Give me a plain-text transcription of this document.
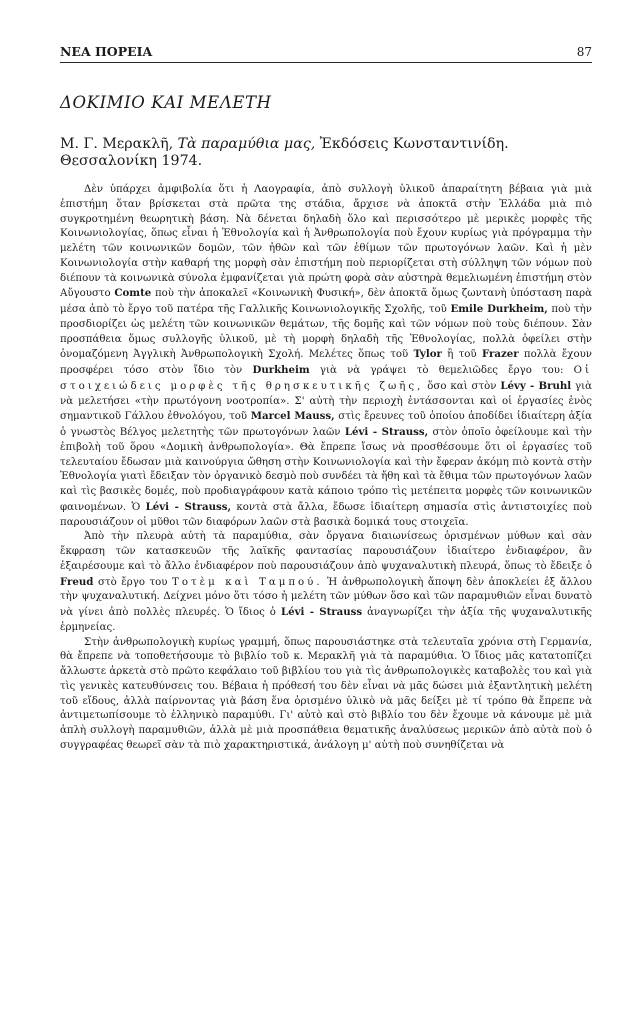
ΝΕΑ ΠΟΡΕΙΑ	87
ΔΟΚΙΜΙΟ ΚΑΙ ΜΕΛΕΤΗ
Μ. Γ. Μερακλῆ, Τὰ παραμύθια μας, Ἐκδόσεις Κωνσταντινίδη. Θεσσαλονίκη 1974.

Δὲν ὑπάρχει ἀμφιβολία ὅτι ἡ Λαογραφία, ἀπὸ συλλογὴ ὑλικοῦ ἀπαραίτητη βέβαια γιὰ μιὰ ἐπιστήμη ὅταν βρίσκεται στὰ πρῶτα της στάδια, ἄρχισε νὰ ἀποκτᾶ στὴν Ἑλλάδα μιὰ πιὸ συγκροτημένη θεωρητικὴ βάση. Νὰ δένεται δηλαδὴ ὅλο καὶ περισσότερο μὲ μερικὲς μορφὲς τῆς Κοινωνιολογίας, ὅπως εἶναι ἡ Ἐθνολογία καὶ ἡ Ἀνθρωπολογία ποὺ ἔχουν κυρίως γιὰ πρόγραμμα τὴν μελέτη τῶν κοινωνικῶν δομῶν, τῶν ἠθῶν καὶ τῶν ἐθίμων τῶν πρωτογόνων λαῶν. Καὶ ἡ μὲν Κοινωνιολογία στὴν καθαρή της μορφὴ σὰν ἐπιστήμη ποὺ περιορίζεται στὴ σύλληψη τῶν νόμων ποὺ διέπουν τὰ κοινωνικὰ σύνολα ἐμφανίζεται γιὰ πρώτη φορὰ σὰν αὐστηρὰ θεμελιωμένη ἐπιστήμη στὸν Αὔγουστο Comte ποὺ τὴν ἀποκαλεῖ «Κοινωνικὴ Φυσική», δὲν ἀποκτᾶ ὅμως ζωντανὴ ὑπόσταση παρὰ μέσα ἀπὸ τὸ ἔργο τοῦ πατέρα τῆς Γαλλικῆς Κοινωνιολογικῆς Σχολῆς, τοῦ Emile Durkheim, ποὺ τὴν προσδιορίζει ὡς μελέτη τῶν κοινωνικῶν θεμάτων, τῆς δομῆς καὶ τῶν νόμων ποὺ τοὺς διέπουν. Σὰν προσπάθεια ὅμως συλλογῆς ὑλικοῦ, μὲ τὴ μορφὴ δηλαδὴ τῆς Ἐθνολογίας, πολλὰ ὀφείλει στὴν ὀνομαζόμενη Ἀγγλικὴ Ἀνθρωπολογικὴ Σχολή. Μελέτες ὅπως τοῦ Tylor ἢ τοῦ Frazer πολλὰ ἔχουν προσφέρει τόσο στὸν ἴδιο τὸν Durkheim γιὰ νὰ γράψει τὸ θεμελιῶδες ἔργο του: Οἱ στοιχειώδεις μορφὲς τῆς θρησκευτικῆς ζωῆς, ὅσο καὶ στὸν Lévy - Bruhl γιὰ νὰ μελετήσει «τὴν πρωτόγονη νοοτροπία». Σ' αὐτὴ τὴν περιοχὴ ἐντάσσονται καὶ οἱ ἐργασίες ἑνὸς σημαντικοῦ Γάλλου ἐθνολόγου, τοῦ Marcel Mauss, στὶς ἔρευνες τοῦ ὁποίου ἀποδίδει ἰδιαίτερη ἀξία ὁ γνωστὸς Βέλγος μελετητὴς τῶν πρωτογόνων λαῶν Lévi - Strauss, στὸν ὁποῖο ὀφείλουμε καὶ τὴν ἐπιβολὴ τοῦ ὅρου «Δομικὴ ἀνθρωπολογία». Θὰ ἔπρεπε ἴσως νὰ προσθέσουμε ὅτι οἱ ἐργασίες τοῦ τελευταίου ἔδωσαν μιὰ καινούργια ὤθηση στὴν Κοινωνιολογία καὶ τὴν ἔφεραν ἀκόμη πιὸ κοντὰ στὴν Ἐθνολογία γιατὶ ἔδειξαν τὸν ὀργανικὸ δεσμὸ ποὺ συνδέει τὰ ἤθη καὶ τὰ ἔθιμα τῶν πρωτογόνων λαῶν καὶ τὶς βασικὲς δομές, ποὺ προδιαγράφουν κατὰ κάποιο τρόπο τὶς μετέπειτα μορφὲς τῶν κοινωνικῶν φαινομένων. Ὁ Lévi - Strauss, κοντὰ στὰ ἄλλα, ἔδωσε ἰδιαίτερη σημασία στὶς ἀντιστοιχίες ποὺ παρουσιάζουν οἱ μῦθοι τῶν διαφόρων λαῶν στὰ βασικὰ δομικά τους στοιχεῖα.

Ἀπὸ τὴν πλευρὰ αὐτὴ τὰ παραμύθια, σὰν ὄργανα διαιωνίσεως ὁρισμένων μύθων καὶ σὰν ἔκφραση τῶν κατασκευῶν τῆς λαϊκῆς φαντασίας παρουσιάζουν ἰδιαίτερο ἐνδιαφέρον, ἂν ἐξαιρέσουμε καὶ τὸ ἄλλο ἐνδιαφέρον ποὺ παρουσιάζουν ἀπὸ ψυχαναλυτικὴ πλευρά, ὅπως τὸ ἔδειξε ὁ Freud στὸ ἔργο του Τοτὲμ καὶ Ταμπού. Ἡ ἀνθρωπολογικὴ ἄποψη δὲν ἀποκλείει ἐξ ἄλλου τὴν ψυχαναλυτική. Δείχνει μόνο ὅτι τόσο ἡ μελέτη τῶν μύθων ὅσο καὶ τῶν παραμυθιῶν εἶναι δυνατὸ νὰ γίνει ἀπὸ πολλὲς πλευρές. Ὁ ἴδιος ὁ Lévi - Strauss ἀναγνωρίζει τὴν ἀξία τῆς ψυχαναλυτικῆς ἑρμηνείας.

Στὴν ἀνθρωπολογικὴ κυρίως γραμμή, ὅπως παρουσιάστηκε στὰ τελευταῖα χρόνια στὴ Γερμανία, θὰ ἔπρεπε νὰ τοποθετήσουμε τὸ βιβλίο τοῦ κ. Μερακλῆ γιὰ τὰ παραμύθια. Ὁ ἴδιος μᾶς κατατοπίζει ἄλλωστε ἀρκετὰ στὸ πρῶτο κεφάλαιο τοῦ βιβλίου του γιὰ τὶς ἀνθρωπολογικὲς καταβολὲς του καὶ γιὰ τὶς γενικὲς κατευθύνσεις του. Βέβαια ἡ πρόθεσή του δὲν εἶναι νὰ μᾶς δώσει μιὰ ἐξαντλητικὴ μελέτη τοῦ εἴδους, ἀλλὰ παίρνοντας γιὰ βάση ἕνα ὁρισμένο ὑλικὸ νὰ μᾶς δείξει μὲ τί τρόπο θὰ ἔπρεπε νὰ ἀντιμετωπίσουμε τὸ ἑλληνικὸ παραμύθι. Γι' αὐτὸ καὶ στὸ βιβλίο του δὲν ἔχουμε νὰ κάνουμε μὲ μιὰ ἁπλὴ συλλογὴ παραμυθιῶν, ἀλλὰ μὲ μιὰ προσπάθεια θεματικῆς ἀναλύσεως μερικῶν ἀπὸ αὐτὰ ποὺ ὁ συγγραφέας θεωρεῖ σὰν τὰ πιὸ χαρακτηριστικά, ἀνάλογη μ' αὐτὴ ποὺ συνηθίζεται νὰ
